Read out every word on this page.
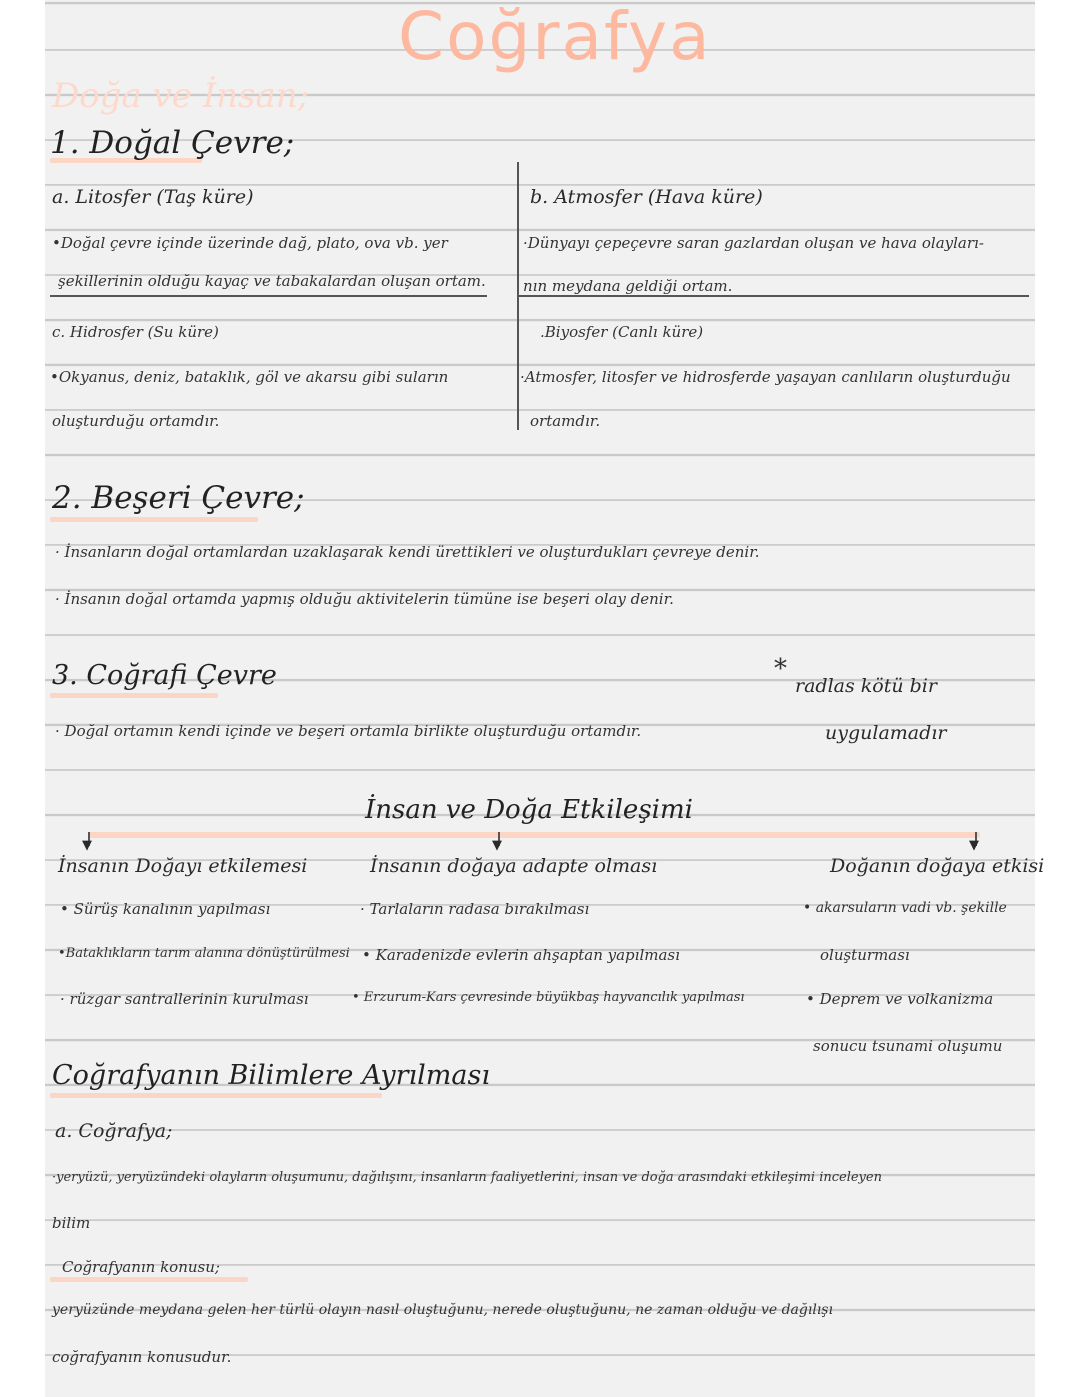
Coğrafya
Doğa ve İnsan;
1. Doğal Çevre;
a. Litosfer (Taş küre)
•Doğal çevre içinde üzerinde dağ, plato, ova vb. yer
şekillerinin olduğu kayaç ve tabakalardan oluşan ortam.
b. Atmosfer (Hava küre)
·Dünyayı çepeçevre saran gazlardan oluşan ve hava olayları-
nın meydana geldiği ortam.
c. Hidrosfer (Su küre)
•Okyanus, deniz, bataklık, göl ve akarsu gibi suların
oluşturduğu ortamdır.
.Biyosfer (Canlı küre)
·Atmosfer, litosfer ve hidrosferde yaşayan canlıların oluşturduğu
ortamdır.
2. Beşeri Çevre;
· İnsanların doğal ortamlardan uzaklaşarak kendi ürettikleri ve oluşturdukları çevreye denir.
· İnsanın doğal ortamda yapmış olduğu aktivitelerin tümüne ise beşeri olay denir.
3. Coğrafi Çevre
· Doğal ortamın kendi içinde ve beşeri ortamla birlikte oluşturduğu ortamdır.
*
radlas kötü bir
uygulamadır
İnsan ve Doğa Etkileşimi
▼	▼	▼
İnsanın Doğayı etkilemesi
• Sürüş kanalının yapılması
•Bataklıkların tarım alanına dönüştürülmesi
· rüzgar santrallerinin kurulması
İnsanın doğaya adapte olması
· Tarlaların radasa bırakılması
• Karadenizde evlerin ahşaptan yapılması
• Erzurum-Kars çevresinde büyükbaş hayvancılık yapılması
Doğanın doğaya etkisi
• akarsuların vadi vb. şekille
oluşturması
• Deprem ve volkanizma
sonucu tsunami oluşumu
Coğrafyanın Bilimlere Ayrılması
a. Coğrafya;
·yeryüzü, yeryüzündeki olayların oluşumunu, dağılışını, insanların faaliyetlerini, insan ve doğa arasındaki etkileşimi inceleyen
bilim
Coğrafyanın konusu;
yeryüzünde meydana gelen her türlü olayın nasıl oluştuğunu, nerede oluştuğunu, ne zaman olduğu ve dağılışı
coğrafyanın konusudur.
